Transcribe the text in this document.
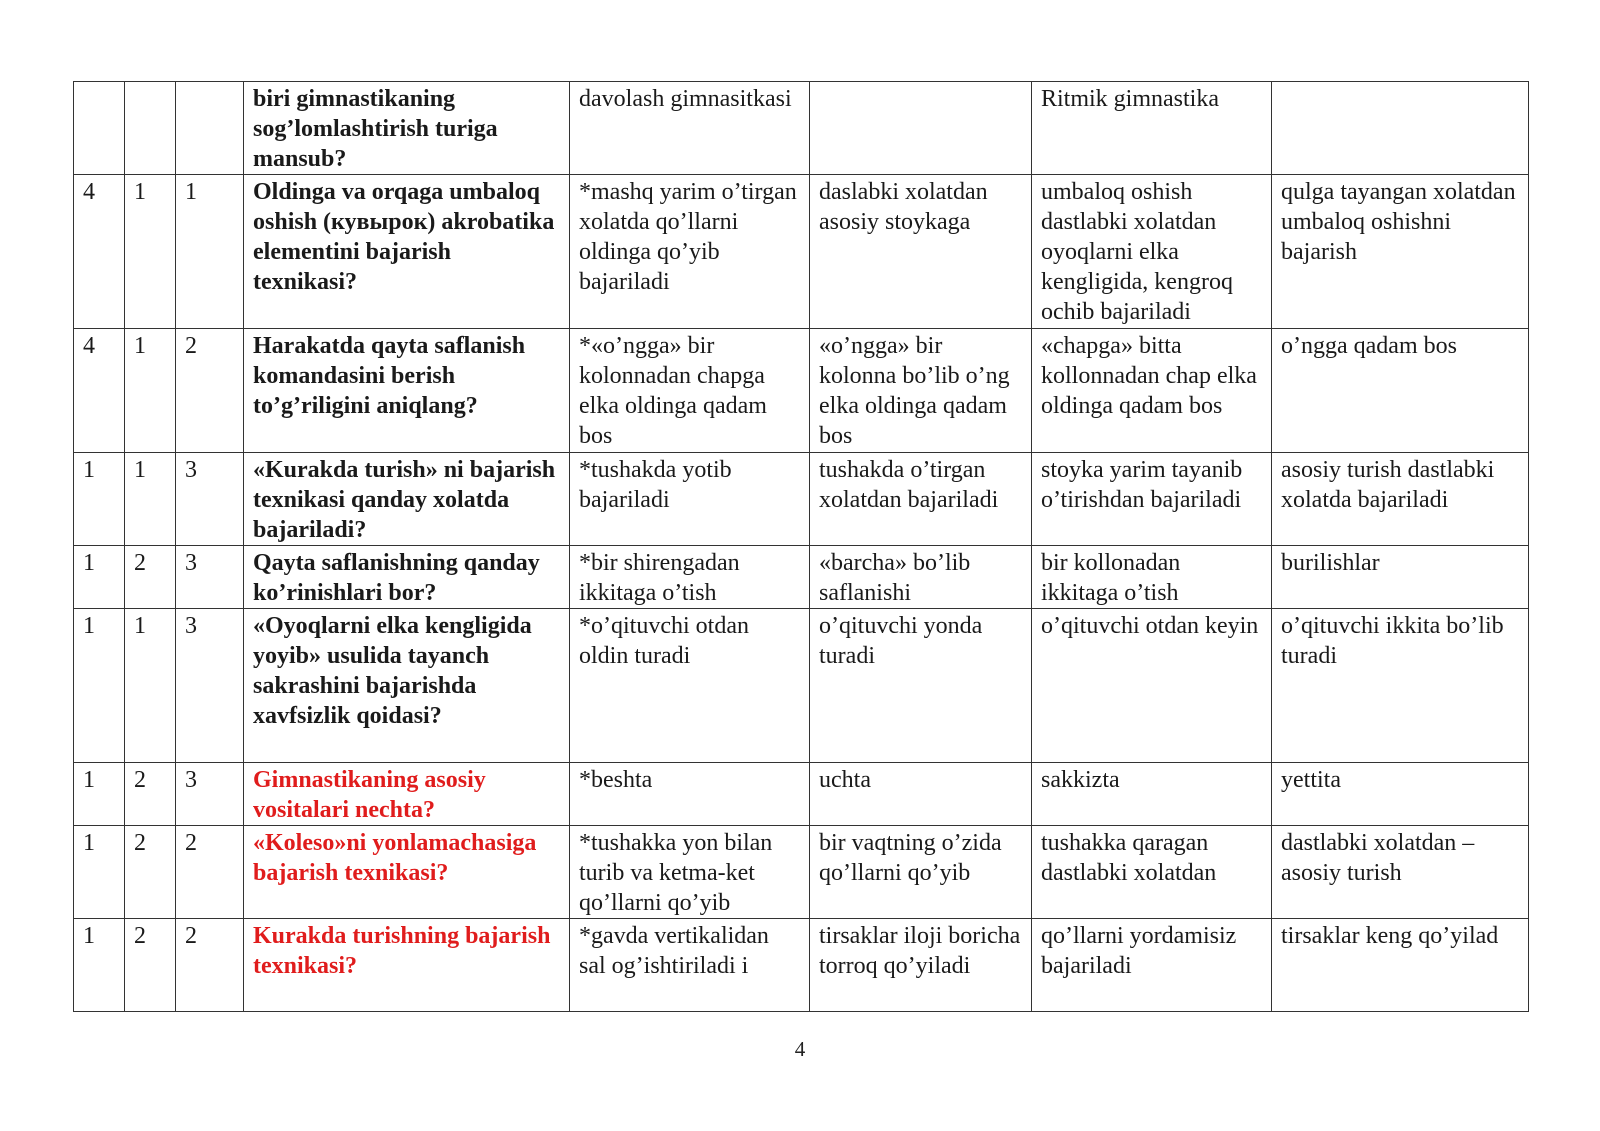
			biri gimnastikaning sog’lomlashtirish turiga mansub?	davolash gimnasitkasi		Ritmik gimnastika	
4	1	1	Oldinga va orqaga umbaloq oshish (кувырок) akrobatika elementini bajarish texnikasi?	*mashq yarim o’tirgan xolatda qo’llarni oldinga qo’yib bajariladi	daslabki xolatdan asosiy stoykaga	umbaloq oshish dastlabki xolatdan oyoqlarni elka kengligida, kengroq ochib bajariladi	qulga tayangan xolatdan umbaloq oshishni bajarish
4	1	2	Harakatda qayta saflanish komandasini berish to’g’riligini aniqlang?	*«o’ngga» bir kolonnadan chapga elka oldinga qadam bos	«o’ngga» bir kolonna bo’lib o’ng elka oldinga qadam bos	«chapga» bitta kollonnadan chap elka oldinga qadam bos	o’ngga qadam bos
1	1	3	«Kurakda turish» ni bajarish texnikasi qanday xolatda bajariladi?	*tushakda yotib bajariladi	tushakda o’tirgan xolatdan bajariladi	stoyka yarim tayanib o’tirishdan bajariladi	asosiy turish dastlabki xolatda bajariladi
1	2	3	Qayta saflanishning qanday ko’rinishlari bor?	*bir shirengadan ikkitaga o’tish	«barcha» bo’lib saflanishi	bir kollonadan ikkitaga o’tish	burilishlar
1	1	3	«Oyoqlarni elka kengligida yoyib» usulida tayanch sakrashini bajarishda xavfsizlik qoidasi?	*o’qituvchi otdan oldin turadi	o’qituvchi yonda turadi	o’qituvchi otdan keyin	o’qituvchi ikkita bo’lib turadi
1	2	3	Gimnastikaning asosiy vositalari nechta?	*beshta	uchta	sakkizta	yettita
1	2	2	«Koleso»ni yonlamachasiga bajarish texnikasi?	*tushakka yon bilan turib va ketma-ket qo’llarni qo’yib	bir vaqtning o’zida qo’llarni qo’yib	tushakka qaragan dastlabki xolatdan	dastlabki xolatdan – asosiy turish
1	2	2	Kurakda turishning bajarish texnikasi?	*gavda vertikalidan sal og’ishtiriladi i	tirsaklar iloji boricha torroq qo’yiladi	qo’llarni yordamisiz bajariladi	tirsaklar keng qo’yilad
4
